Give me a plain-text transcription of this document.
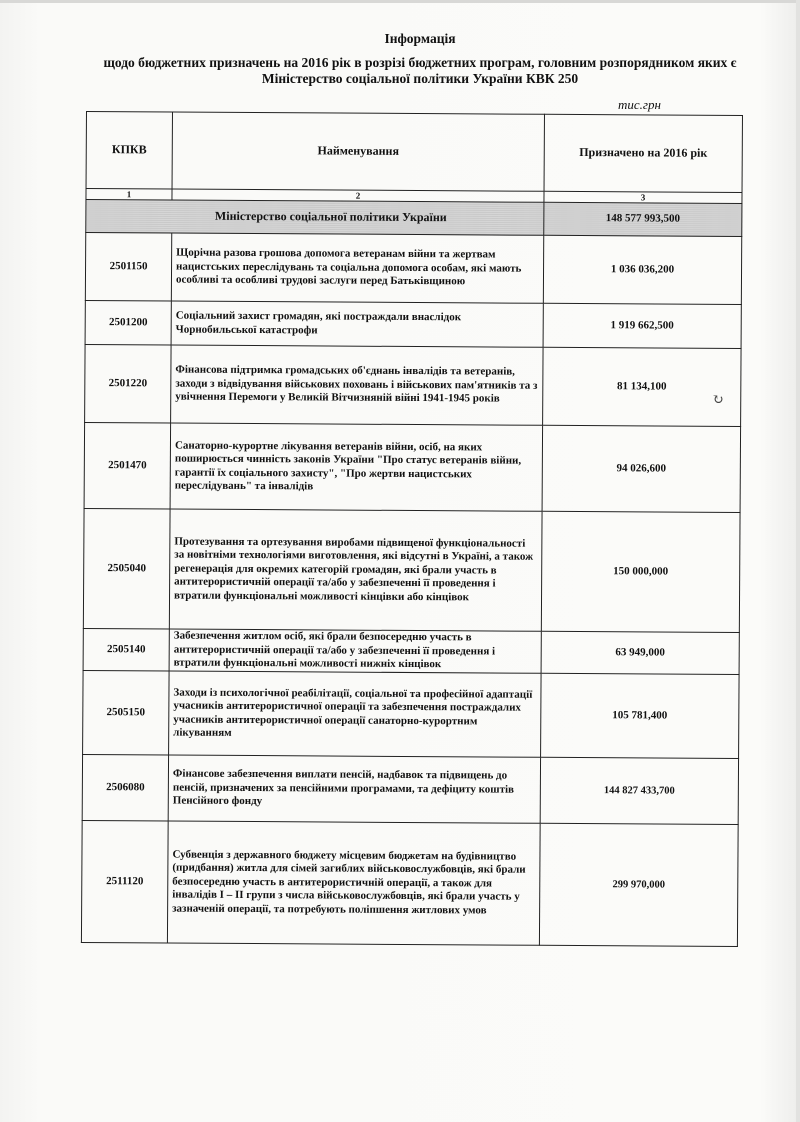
Інформація
щодо бюджетних призначень на 2016 рік в розрізі бюджетних програм, головним розпорядником яких є
Міністерство соціальної політики України КВК 250
тис.грн
КПКВ	Найменування	Призначено на 2016 рік
1	2	3
Міністерство соціальної політики України		148 577 993,500
2501150	Щорічна разова грошова допомога ветеранам війни та жертвам нацистських переслідувань та соціальна допомога особам, які мають особливі та особливі трудові заслуги перед Батьківщиною	1 036 036,200
2501200	Соціальний захист громадян, які постраждали внаслідок Чорнобильської катастрофи	1 919 662,500
2501220	Фінансова підтримка громадських об'єднань інвалідів та ветеранів, заходи з відвідування військових поховань і військових пам'ятників та з увічнення Перемоги у Великій Вітчизняній війні 1941-1945 років	81 134,100
2501470	Санаторно-курортне лікування ветеранів війни, осіб, на яких поширюється чинність законів України "Про статус ветеранів війни, гарантії їх соціального захисту", "Про жертви нацистських переслідувань" та інвалідів	94 026,600
2505040	Протезування та ортезування виробами підвищеної функціональності за новітніми технологіями виготовлення, які відсутні в Україні, а також регенерація для окремих категорій громадян, які брали участь в антитерористичній операції та/або у забезпеченні її проведення і втратили функціональні можливості кінцівки або кінцівок	150 000,000
2505140	Забезпечення житлом осіб, які брали безпосередню участь в антитерористичній операції та/або у забезпеченні її проведення і втратили функціональні можливості нижніх кінцівок	63 949,000
2505150	Заходи із психологічної реабілітації, соціальної та професійної адаптації учасників антитерористичної операції та забезпечення постраждалих учасників антитерористичної операції санаторно-курортним лікуванням	105 781,400
2506080	Фінансове забезпечення виплати пенсій, надбавок та підвищень до пенсій, призначених за пенсійними програмами, та дефіциту коштів Пенсійного фонду	144 827 433,700
2511120	Субвенція з державного бюджету місцевим бюджетам на будівництво (придбання) житла для сімей загиблих військовослужбовців, які брали безпосередню участь в антитерористичній операції, а також для інвалідів I – II групи з числа військовослужбовців, які брали участь у зазначеній операції, та потребують поліпшення житлових умов	299 970,000
↻
